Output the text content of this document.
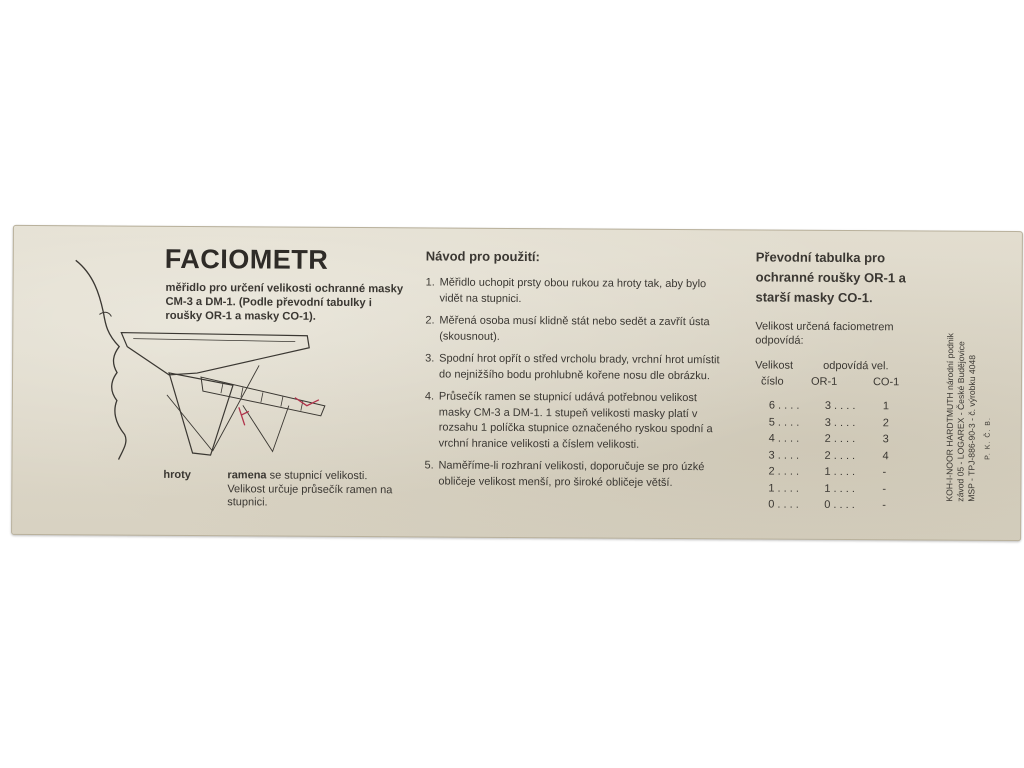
FACIOMETR
měřidlo pro určení velikosti ochranné masky CM-3 a DM-1. (Podle převodní tabulky i roušky OR-1 a masky CO-1).
hroty	ramena se stupnicí velikosti. Velikost určuje průsečík ramen na stupnici.
Návod pro použití:
1. Měřidlo uchopit prsty obou rukou za hroty tak, aby bylo vidět na stupnici.
2. Měřená osoba musí klidně stát nebo sedět a zavřít ústa (skousnout).
3. Spodní hrot opřít o střed vrcholu brady, vrchní hrot umístit do nejnižšího bodu prohlubně kořene nosu dle obrázku.
4. Průsečík ramen se stupnicí udává potřebnou velikost masky CM-3 a DM-1. 1 stupeň velikosti masky platí v rozsahu 1 políčka stupnice označeného ryskou spodní a vrchní hranice velikosti a číslem velikosti.
5. Naměříme-li rozhraní velikosti, doporučuje se pro úzké obličeje velikost menší, pro široké obličeje větší.
Převodní tabulka pro ochranné roušky OR-1 a starší masky CO-1.
Velikost určená faciometrem odpovídá:
Velikost	odpovídá vel.
číslo OR-1	CO-1
6 . . . . 3 . . . . 1
5 . . . . 3 . . . . 2
4 . . . . 2 . . . . 3
3 . . . . 2 . . . . 4
2 . . . . 1 . . . . -
1 . . . . 1 . . . . -
0 . . . . 0 . . . . -
KOH-I-NOOR HARDTMUTH národní podnik závod 05 - LOGAREX - České Budějovice MSP - TPJ-886-90-3 - č. výrobku 4048 P. K. Č. B.
